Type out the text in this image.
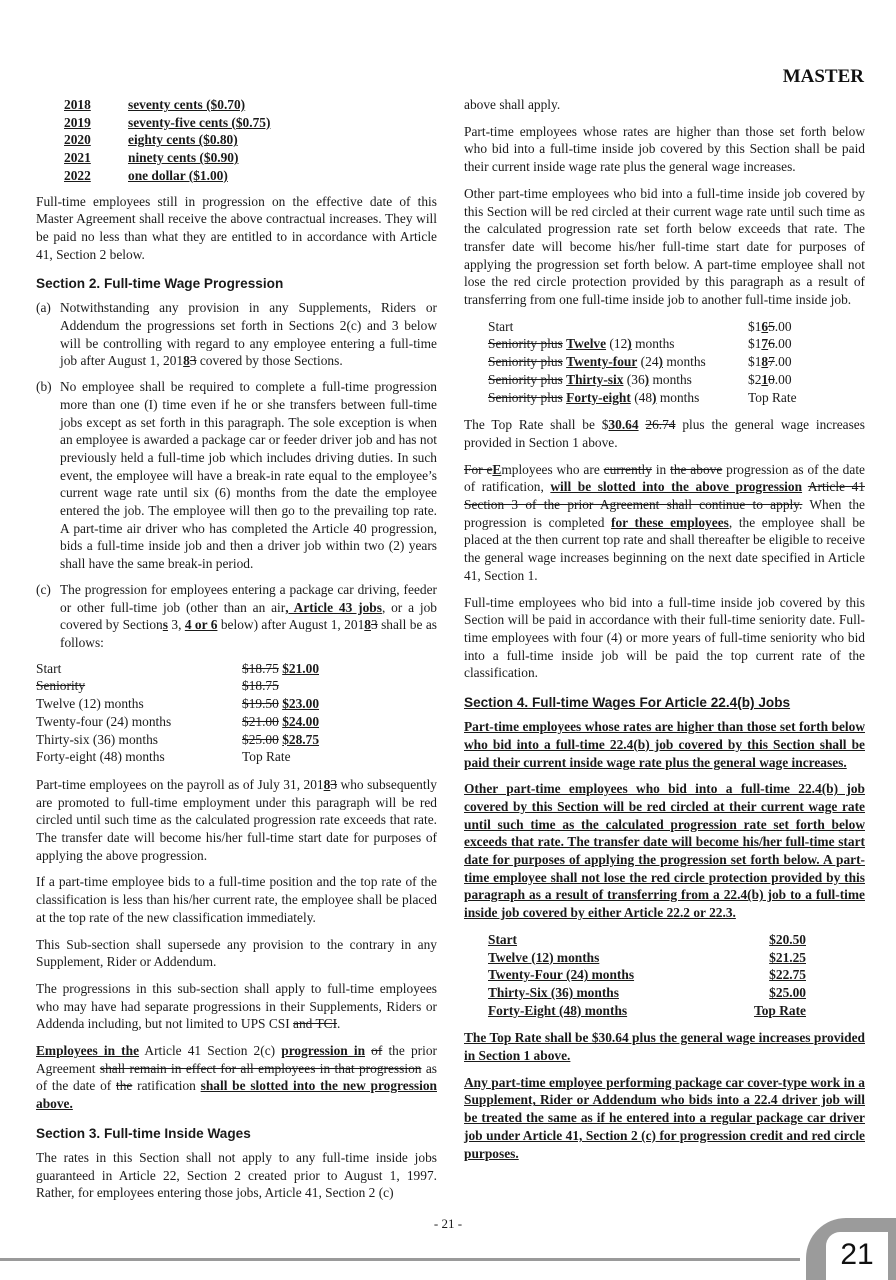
MASTER
2018	seventy cents ($0.70)
2019	seventy-five cents ($0.75)
2020	eighty cents ($0.80)
2021	ninety cents ($0.90)
2022	one dollar ($1.00)

Full-time employees still in progression on the effective date of this Master Agreement shall receive the above contractual increases. They will be paid no less than what they are entitled to in accordance with Article 41, Section 2 below.

Section 2. Full-time Wage Progression
(a) Notwithstanding any provision in any Supplements, Riders or Addendum the progressions set forth in Sections 2(c) and 3 below will be controlling with regard to any employee entering a full-time job after August 1, 20183 covered by those Sections.
(b) No employee shall be required to complete a full-time progression more than one (I) time even if he or she transfers between full-time jobs except as set forth in this paragraph. The sole exception is when an employee is awarded a package car or feeder driver job and has not previously held a full-time job which includes driving duties. In such event, the employee will have a break-in rate equal to the employee’s current wage rate until six (6) months from the date the employee entered the job. The employee will then go to the prevailing top rate. A part-time air driver who has completed the Article 40 progression, bids a full-time inside job and then a driver job within two (2) years shall have the same break-in period.
(c) The progression for employees entering a package car driving, feeder or other full-time job (other than an air, Article 43 jobs, or a job covered by Sections 3, 4 or 6 below) after August 1, 20183 shall be as follows:
Start	$18.75 $21.00
Seniority	$18.75
Twelve (12) months	$19.50 $23.00
Twenty-four (24) months	$21.00 $24.00
Thirty-six (36) months	$25.00 $28.75
Forty-eight (48) months	Top Rate

Part-time employees on the payroll as of July 31, 20183 who subsequently are promoted to full-time employment under this paragraph will be red circled until such time as the calculated progression rate exceeds that rate. The transfer date will become his/her full-time start date for purposes of applying the above progression.

If a part-time employee bids to a full-time position and the top rate of the classification is less than his/her current rate, the employee shall be placed at the top rate of the new classification immediately.

This Sub-section shall supersede any provision to the contrary in any Supplement, Rider or Addendum.

The progressions in this sub-section shall apply to full-time employees who may have had separate progressions in their Supplements, Riders or Addenda including, but not limited to UPS CSI and TCI.

Employees in the Article 41 Section 2(c) progression in of the prior Agreement shall remain in effect for all employees in that progression as of the date of the ratification shall be slotted into the new progression above.

Section 3. Full-time Inside Wages

The rates in this Section shall not apply to any full-time inside jobs guaranteed in Article 22, Section 2 created prior to August 1, 1997. Rather, for employees entering those jobs, Article 41, Section 2 (c)

above shall apply.

Part-time employees whose rates are higher than those set forth below who bid into a full-time inside job covered by this Section shall be paid their current inside wage rate plus the general wage increases.

Other part-time employees who bid into a full-time inside job covered by this Section will be red circled at their current wage rate until such time as the calculated progression rate set forth below exceeds that rate. The transfer date will become his/her full-time start date for purposes of applying the progression set forth below. A part-time employee shall not lose the red circle protection provided by this paragraph as a result of transferring from one full-time inside job to another full-time inside job.

Start	$165.00
Seniority plus Twelve (12) months	$176.00
Seniority plus Twenty-four (24) months	$187.00
Seniority plus Thirty-six (36) months	$210.00
Seniority plus Forty-eight (48) months	Top Rate

The Top Rate shall be $30.64 26.74 plus the general wage increases provided in Section 1 above.

For eEmployees who are currently in the above progression as of the date of ratification, will be slotted into the above progression Article 41 Section 3 of the prior Agreement shall continue to apply. When the progression is completed for these employees, the employee shall be placed at the then current top rate and shall thereafter be eligible to receive the general wage increases beginning on the next date specified in Article 41, Section 1.

Full-time employees who bid into a full-time inside job covered by this Section will be paid in accordance with their full-time seniority date. Full-time employees with four (4) or more years of full-time seniority who bid into a full-time inside job will be paid the top current rate of the classification.

Section 4. Full-time Wages For Article 22.4(b) Jobs

Part-time employees whose rates are higher than those set forth below who bid into a full-time 22.4(b) job covered by this Section shall be paid their current inside wage rate plus the general wage increases.

Other part-time employees who bid into a full-time 22.4(b) job covered by this Section will be red circled at their current wage rate until such time as the calculated progression rate set forth below exceeds that rate. The transfer date will become his/her full-time start date for purposes of applying the progression set forth below. A part-time employee shall not lose the red circle protection provided by this paragraph as a result of transferring from a 22.4(b) job to a full-time inside job covered by either Article 22.2 or 22.3.

Start	$20.50
Twelve (12) months	$21.25
Twenty-Four (24) months	$22.75
Thirty-Six (36) months	$25.00
Forty-Eight (48) months	Top Rate

The Top Rate shall be $30.64 plus the general wage increases provided in Section 1 above.

Any part-time employee performing package car cover-type work in a Supplement, Rider or Addendum who bids into a 22.4 driver job will be treated the same as if he entered into a regular package car driver job under Article 41, Section 2 (c) for progression credit and red circle purposes.

- 21 -
21
